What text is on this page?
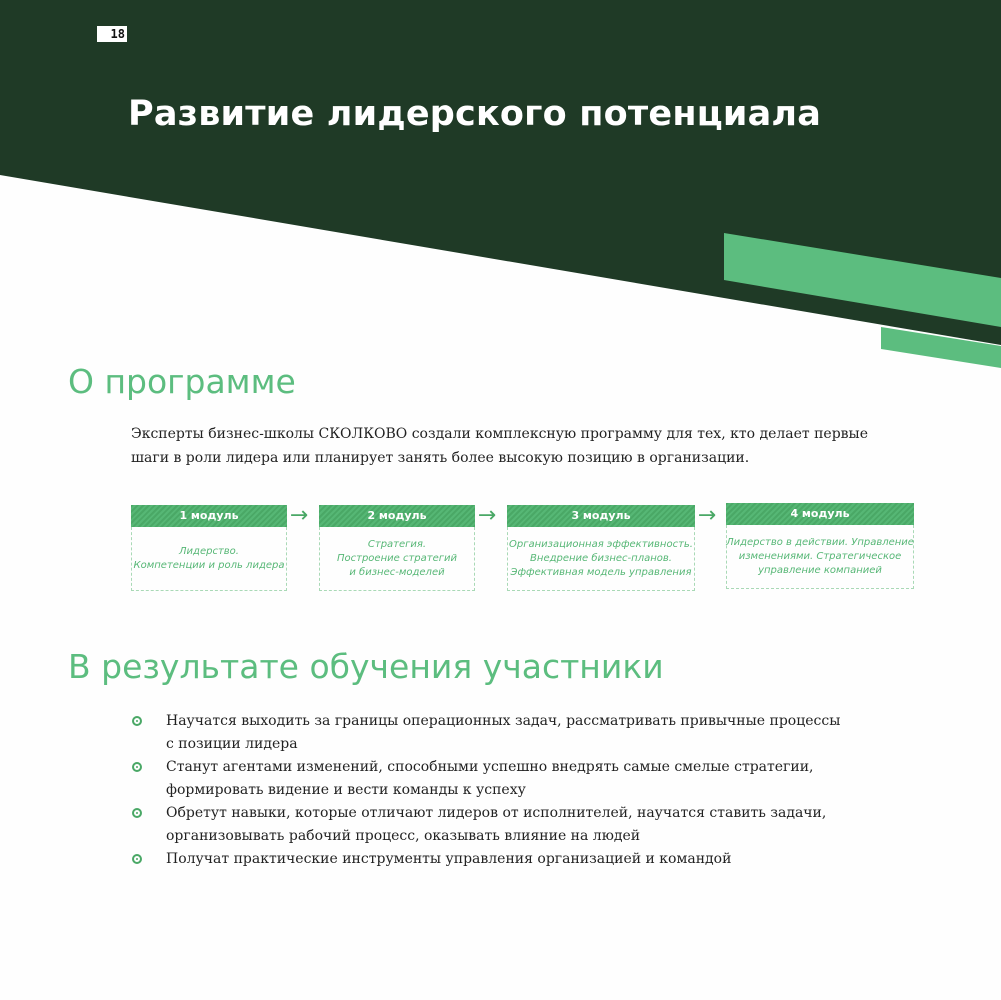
18
Развитие лидерского потенциала
О программе

Эксперты бизнес-школы СКОЛКОВО создали комплексную программу для тех, кто делает первые
шаги в роли лидера или планирует занять более высокую позицию в организации.

1 модуль
Лидерство.
Компетенции и роль лидера
→	2 модуль
Стратегия.
Построение стратегий
и бизнес-моделей
→	3 модуль
Организационная эффективность.
Внедрение бизнес-планов.
Эффективная модель управления
→	4 модуль
Лидерство в действии. Управление
изменениями. Стратегическое
управление компанией
В результате обучения участники
Научатся выходить за границы операционных задач, рассматривать привычные процессы
с позиции лидера
Станут агентами изменений, способными успешно внедрять самые смелые стратегии,
формировать видение и вести команды к успеху
Обретут навыки, которые отличают лидеров от исполнителей, научатся ставить задачи,
организовывать рабочий процесс, оказывать влияние на людей
Получат практические инструменты управления организацией и командой
